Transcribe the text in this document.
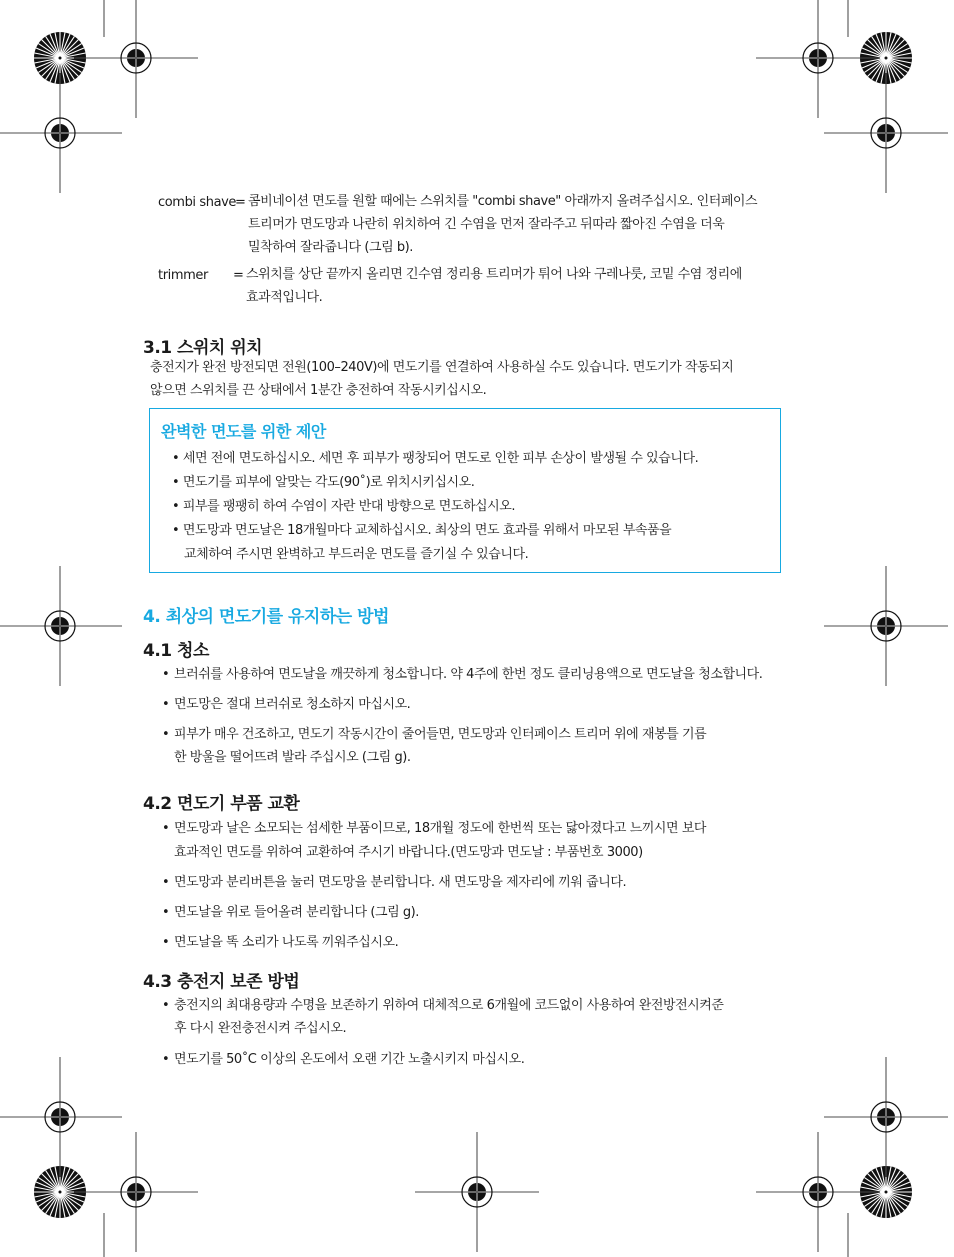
combi shave
= 콤비네이션 면도를 원할 때에는 스위치를 "combi shave" 아래까지 올려주십시오. 인터페이스
트리머가 면도망과 나란히 위치하여 긴 수염을 먼저 잘라주고 뒤따라 짧아진 수염을 더욱
밀착하여 잘라줍니다 (그림 b).
trimmer = 스위치를 상단 끝까지 올리면 긴수염 정리용 트리머가 튀어 나와 구레나룻, 코밑 수염 정리에
효과적입니다.
3.1 스위치 위치
충전지가 완전 방전되면 전원(100–240V)에 면도기를 연결하여 사용하실 수도 있습니다. 면도기가 작동되지
않으면 스위치를 끈 상태에서 1분간 충전하여 작동시키십시오.
완벽한 면도를 위한 제안
• 세면 전에 면도하십시오. 세면 후 피부가 팽창되어 면도로 인한 피부 손상이 발생될 수 있습니다.
• 면도기를 피부에 알맞는 각도(90˚)로 위치시키십시오.
• 피부를 팽팽히 하여 수염이 자란 반대 방향으로 면도하십시오.
• 면도망과 면도날은 18개월마다 교체하십시오. 최상의 면도 효과를 위해서 마모된 부속품을
교체하여 주시면 완벽하고 부드러운 면도를 즐기실 수 있습니다.
4. 최상의 면도기를 유지하는 방법
4.1 청소
• 브러쉬를 사용하여 면도날을 깨끗하게 청소합니다. 약 4주에 한번 정도 클리닝용액으로 면도날을 청소합니다.
• 면도망은 절대 브러쉬로 청소하지 마십시오.
• 피부가 매우 건조하고, 면도기 작동시간이 줄어들면, 면도망과 인터페이스 트리머 위에 재봉틀 기름
한 방울을 떨어뜨려 발라 주십시오 (그림 g).
4.2 면도기 부품 교환
• 면도망과 날은 소모되는 섬세한 부품이므로, 18개월 정도에 한번씩 또는 닳아졌다고 느끼시면 보다
효과적인 면도를 위하여 교환하여 주시기 바랍니다.(면도망과 면도날 : 부품번호 3000)
• 면도망과 분리버튼을 눌러 면도망을 분리합니다. 새 면도망을 제자리에 끼워 줍니다.
• 면도날을 위로 들어올려 분리합니다 (그림 g).
• 면도날을 똑 소리가 나도록 끼워주십시오.
4.3 충전지 보존 방법
• 충전지의 최대용량과 수명을 보존하기 위하여 대체적으로 6개월에 코드없이 사용하여 완전방전시켜준
후 다시 완전충전시켜 주십시오.
• 면도기를 50˚C 이상의 온도에서 오랜 기간 노출시키지 마십시오.
